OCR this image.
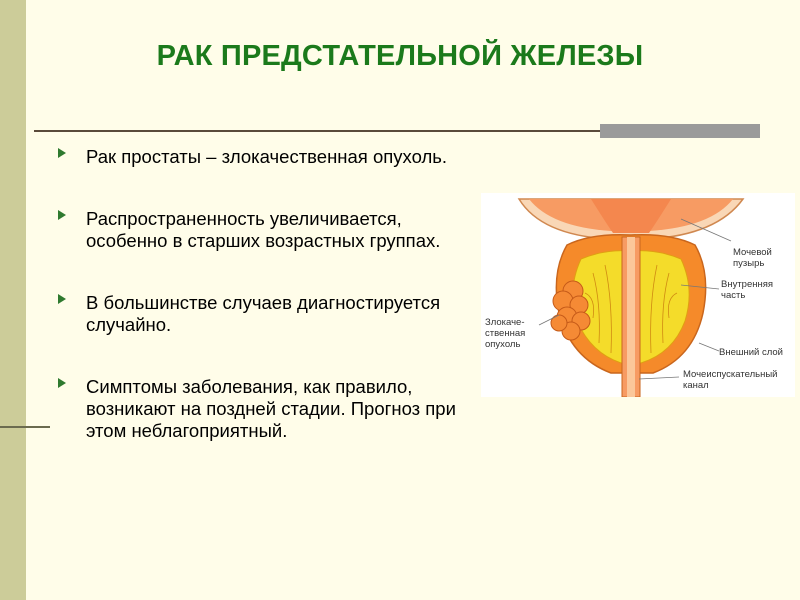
РАК ПРЕДСТАТЕЛЬНОЙ ЖЕЛЕЗЫ
Рак простаты – злокачественная опухоль.
Распространенность увеличивается, особенно в старших возрастных группах.
В большинстве случаев диагностируется случайно.
Симптомы заболевания, как правило, возникают на поздней стадии. Прогноз при этом неблагоприятный.
Мочевой
пузырь
Внутренняя
часть
Злокаче-
ственная
опухоль
Внешний слой
Мочеиспускательный
канал
